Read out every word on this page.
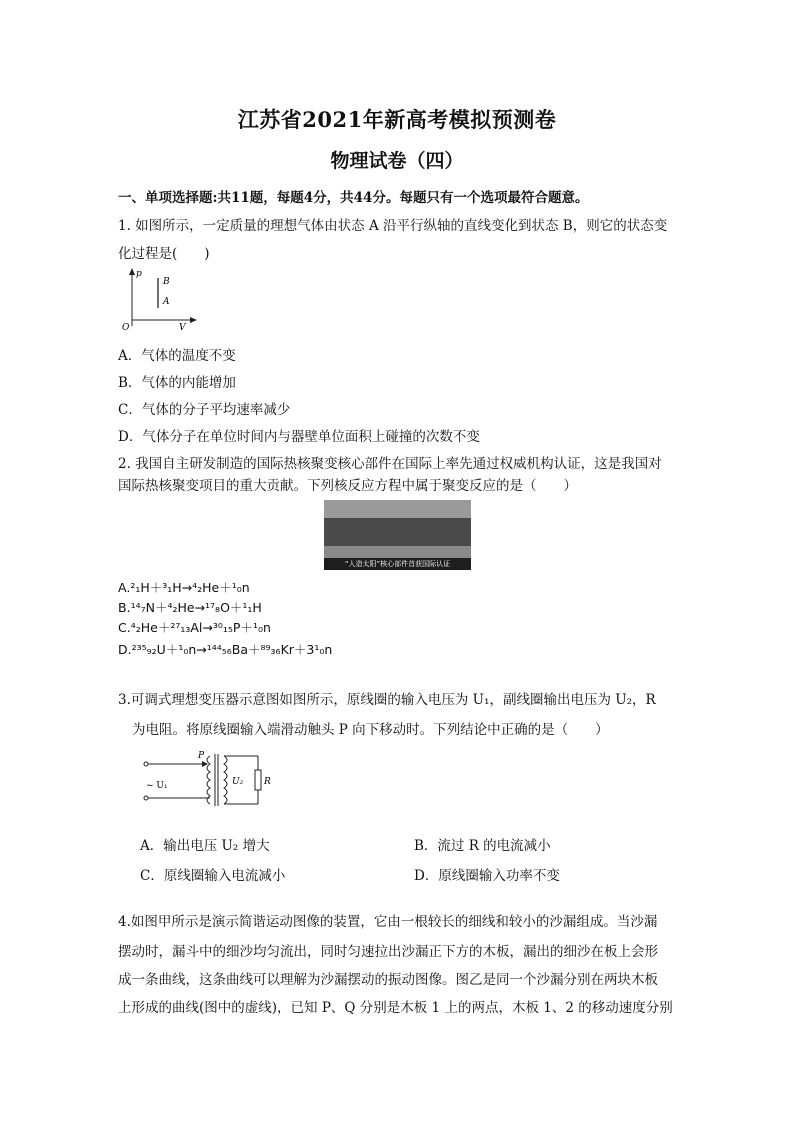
江苏省2021年新高考模拟预测卷
物理试卷（四）
一、单项选择题:共11题，每题4分，共44分。每题只有一个选项最符合题意。
1. 如图所示，一定质量的理想气体由状态 A 沿平行纵轴的直线变化到状态 B，则它的状态变
化过程是(　　)
p
V
O
B
A
A．气体的温度不变
B．气体的内能增加
C．气体的分子平均速率减少
D．气体分子在单位时间内与器壁单位面积上碰撞的次数不变
2. 我国自主研发制造的国际热核聚变核心部件在国际上率先通过权威机构认证，这是我国对
国际热核聚变项目的重大贡献。下列核反应方程中属于聚变反应的是（　　）
“人造太阳”核心部件首获国际认证
A.²₁H＋³₁H→⁴₂He＋¹₀n
B.¹⁴₇N＋⁴₂He→¹⁷₈O＋¹₁H
C.⁴₂He＋²⁷₁₃Al→³⁰₁₅P＋¹₀n
D.²³⁵₉₂U＋¹₀n→¹⁴⁴₅₆Ba＋⁸⁹₃₆Kr＋3¹₀n
3.可调式理想变压器示意图如图所示，原线圈的输入电压为 U₁，副线圈输出电压为 U₂，R
为电阻。将原线圈输入端滑动触头 P 向下移动时。下列结论中正确的是（　　）
P
~ U₁	U₂ R
A．输出电压 U₂ 增大	B．流过 R 的电流减小
C．原线圈输入电流减小	D．原线圈输入功率不变
4.如图甲所示是演示简谐运动图像的装置，它由一根较长的细线和较小的沙漏组成。当沙漏
摆动时，漏斗中的细沙均匀流出，同时匀速拉出沙漏正下方的木板，漏出的细沙在板上会形
成一条曲线，这条曲线可以理解为沙漏摆动的振动图像。图乙是同一个沙漏分别在两块木板
上形成的曲线(图中的虚线)，已知 P、Q 分别是木板 1 上的两点，木板 1、2 的移动速度分别
